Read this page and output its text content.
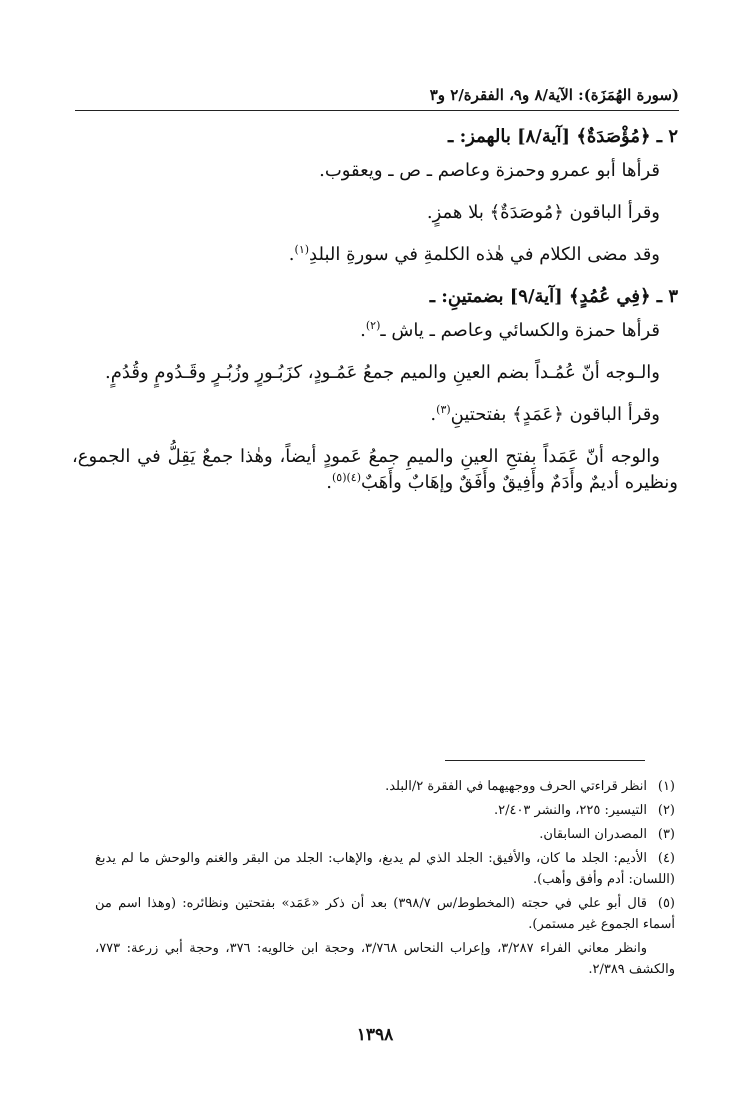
(سورة الهُمَزَة): الآية/٨ و٩، الفقرة/٢ و٣

٢ ـ ﴿مُؤْصَدَةٌ﴾ [آية/٨] بالهمز: ـ

قرأها أبو عمرو وحمزة وعاصم ـ ص ـ ويعقوب.

وقرأ الباقون ﴿مُوصَدَةٌ﴾ بلا همزٍ.

وقد مضى الكلام في هٰذه الكلمةِ في سورةِ البلدِ$^{(١)}$.

٣ ـ ﴿فِي عُمُدٍ﴾ [آية/٩] بضمتينِ: ـ

قرأها حمزة والكسائي وعاصم ـ ياش ـ$^{(٢)}$.

والـوجه أنّ عُمُـداً بضم العينِ والميم جمعُ عَمُـودٍ، كزَبُـورٍ وزُبُـرٍ وقَـدُومٍ وقُدُمٍ.

وقرأ الباقون ﴿عَمَدٍ﴾ بفتحتينِ$^{(٣)}$.

والوجه أنّ عَمَداً بفتحِ العينِ والميمِ جمعُ عَمودٍ أيضاً، وهٰذا جمعٌ يَقِلُّ في الجموع، ونظيره أديمٌ وأَدَمٌ وأَفِيقٌ وأَفَقٌ وإهَابٌ وأَهَبٌ$^{(٤)(٥)}$.

(١)انظر قراءتي الحرف ووجهيهما في الفقرة ٢/البلد.

(٢)التيسير: ٢٢٥، والنشر ٢/٤٠٣.

(٣)المصدران السابقان.

(٤)الأديم: الجلد ما كان، والأفيق: الجلد الذي لم يدبغ، والإهاب: الجلد من البقر والغنم والوحش ما لم يدبغ (اللسان: أدم وأفق وأهب).

(٥)قال أبو علي في حجته (المخطوط/س ٣٩٨/٧) بعد أن ذكر «عَمَد» بفتحتين ونظائره: (وهذا اسم من أسماء الجموع غير مستمر).

وانظر معاني الفراء ٣/٢٨٧، وإعراب النحاس ٣/٧٦٨، وحجة ابن خالويه: ٣٧٦، وحجة أبي زرعة: ٧٧٣، والكشف ٢/٣٨٩.

١٣٩٨
